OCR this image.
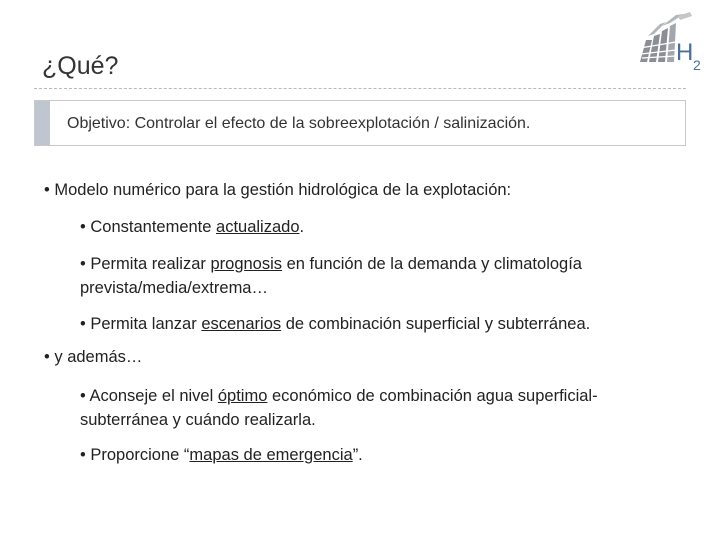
¿Qué?	H 2
Objetivo: Controlar el efecto de la sobreexplotación / salinización.
• Modelo numérico para la gestión hidrológica de la explotación:
• Constantemente actualizado.
• Permita realizar prognosis en función de la demanda y climatología
prevista/media/extrema…
• Permita lanzar escenarios de combinación superficial y subterránea.
• y además…
• Aconseje el nivel óptimo económico de combinación agua superficial-
subterránea y cuándo realizarla.
• Proporcione “mapas de emergencia”.
